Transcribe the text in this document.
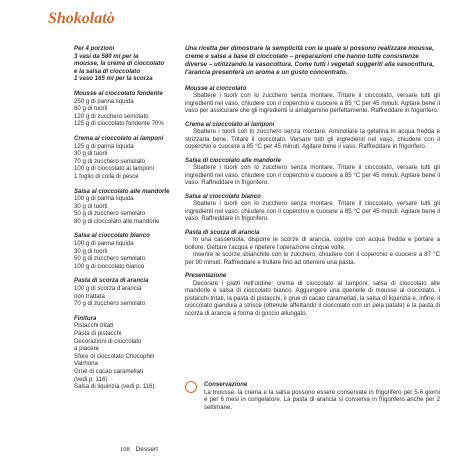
Shokolatò
Per 4 porzioni
3 vasi da 580 ml per la
mousse, la crema di cioccolato
e la salsa di cioccolato
1 vaso 165 ml per la scorza
Mousse al cioccolato fondente
250 g di panna liquida
60 g di tuorli
120 g di zucchero semolato
125 g di cioccolato fondente 70%
Crema al cioccolato ai lamponi
125 g di panna liquida
30 g di tuorli
70 g di zucchero semolato
100 g di cioccolato ai lamponi
1 foglio di colla di pesce
Salsa al cioccolato alle mandorle
100 g di panna liquida
30 g di tuorli
50 g di zucchero semolato
80 g di cioccolato alle mandorle
Salsa al cioccolato bianco
100 g di panna liquida
30 g di tuorli
50 g di zucchero semolato
100 g di cioccolato bianco
Pasta di scorza di arancia
100 g di scorza d'arancia
non trattata
70 g di zucchero semolato
Finitura
Pistacchi tritati
Pasta di pistacchi
Decorazioni di cioccolato
a piacere
Sfere di cioccolato Chocophili
Valrhona
Gruè di cacao caramellati
(vedi p. 116)
Salsa di liquirizia (vedi p. 116)

Una ricetta per dimostrare la semplicità con la quale si possono realizzare mousse, creme e salse a base di cioccolato – preparazioni che hanno tutte consistenze diverse – utilizzando la vasocottura. Come tutti i vegetali suggeriti alla vasocottura, l'arancia presenterà un aroma e un gusto concentrato.

Mousse al cioccolato

Sbattere i tuorli con lo zucchero senza montare. Tritare il cioccolato, versare tutti gli ingredienti nel vaso, chiudere con il coperchio e cuocere a 85 °C per 45 minuti. Agitare bene il vaso per assicurare che gli ingredienti si amalgamino perfettamente. Raffreddare in frigorifero.

Crema al cioccolato ai lamponi

Sbattere i tuorli con lo zucchero senza montare. Ammollare la gelatina in acqua fredda e strizzarla bene. Tritare il cioccolato. Versare tutti gli ingredienti nel vaso, chiudere con il coperchio e cuocere a 85 °C per 45 minuti. Agitare bene il vaso. Raffreddare in frigorifero.

Salsa di cioccolato alle mandorle

Sbattere i tuorli con lo zucchero senza montare. Tritare il cioccolato, versare tutti gli ingredienti nel vaso, chiudere con il coperchio e cuocere a 85 °C per 45 minuti. Agitare bene il vaso. Raffreddare in frigorifero.

Salsa al cioccolato bianco

Sbattere i tuorli con lo zucchero senza montare. Tritare il cioccolato, versare tutti gli ingredienti nel vaso, chiudere con il coperchio e cuocere a 85 °C per 45 minuti. Agitare bene il vaso. Raffreddare in frigorifero.

Pasta di scorza di arancia

In una casseruola, disporre le scorze di arancia, coprire con acqua fredda e portare a bollore. Gettare l'acqua e ripetere l'operazione cinque volte.

Inserire le scorze sbianchite con lo zucchero, chiudere con il coperchio e cuocere a 87 °C per 90 minuti. Raffreddare e frullare fino ad ottenere una pasta.

Presentazione

Decorare i piatti nell'ordine: crema di cioccolato ai lamponi, salsa di cioccolato alle mandorle e salsa di cioccolato bianco. Aggiungere una quenelle di mousse al cioccolato, i pistacchi tritati, la pasta di pistacchi, il gruè di cacao caramellati, la salsa di liquirizia e, infine, il cioccolato gianduia a strisce (ottenute affettando il cioccolato con un pela patate) e la pasta di scorza di arancia a forma di goccio allungato.

Conservazione

La mousse, la crema e la salsa possono essere conservate in frigorifero per 5-6 giorni e per 6 mesi in congelatore. La pasta di arancia si conserva in frigorifero anche per 2 settimane.

108 Dessert
